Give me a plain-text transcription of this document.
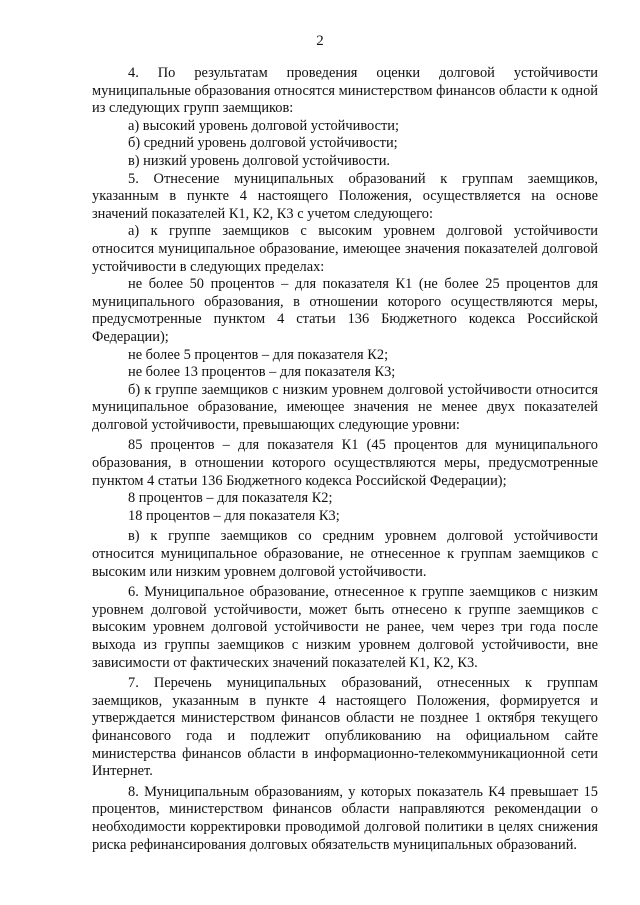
2

4. По результатам проведения оценки долговой устойчивости муниципальные образования относятся министерством финансов области к одной из следующих групп заемщиков:

а) высокий уровень долговой устойчивости;

б) средний уровень долговой устойчивости;

в) низкий уровень долговой устойчивости.

5. Отнесение муниципальных образований к группам заемщиков, указанным в пункте 4 настоящего Положения, осуществляется на основе значений показателей К1, К2, К3 с учетом следующего:

а) к группе заемщиков с высоким уровнем долговой устойчивости относится муниципальное образование, имеющее значения показателей долговой устойчивости в следующих пределах:

не более 50 процентов – для показателя К1 (не более 25 процентов для муниципального образования, в отношении которого осуществляются меры, предусмотренные пунктом 4 статьи 136 Бюджетного кодекса Российской Федерации);

не более 5 процентов – для показателя К2;

не более 13 процентов – для показателя К3;

б) к группе заемщиков с низким уровнем долговой устойчивости относится муниципальное образование, имеющее значения не менее двух показателей долговой устойчивости, превышающих следующие уровни:

85 процентов – для показателя К1 (45 процентов для муниципального образования, в отношении которого осуществляются меры, предусмотренные пунктом 4 статьи 136 Бюджетного кодекса Российской Федерации);

8 процентов – для показателя К2;

18 процентов – для показателя К3;

в) к группе заемщиков со средним уровнем долговой устойчивости относится муниципальное образование, не отнесенное к группам заемщиков с высоким или низким уровнем долговой устойчивости.

6. Муниципальное образование, отнесенное к группе заемщиков с низким уровнем долговой устойчивости, может быть отнесено к группе заемщиков с высоким уровнем долговой устойчивости не ранее, чем через три года после выхода из группы заемщиков с низким уровнем долговой устойчивости, вне зависимости от фактических значений показателей К1, К2, К3.

7. Перечень муниципальных образований, отнесенных к группам заемщиков, указанным в пункте 4 настоящего Положения, формируется и утверждается министерством финансов области не позднее 1 октября текущего финансового года и подлежит опубликованию на официальном сайте министерства финансов области в информационно-телекоммуникационной сети Интернет.

8. Муниципальным образованиям, у которых показатель К4 превышает 15 процентов, министерством финансов области направляются рекомендации о необходимости корректировки проводимой долговой политики в целях снижения риска рефинансирования долговых обязательств муниципальных образований.
